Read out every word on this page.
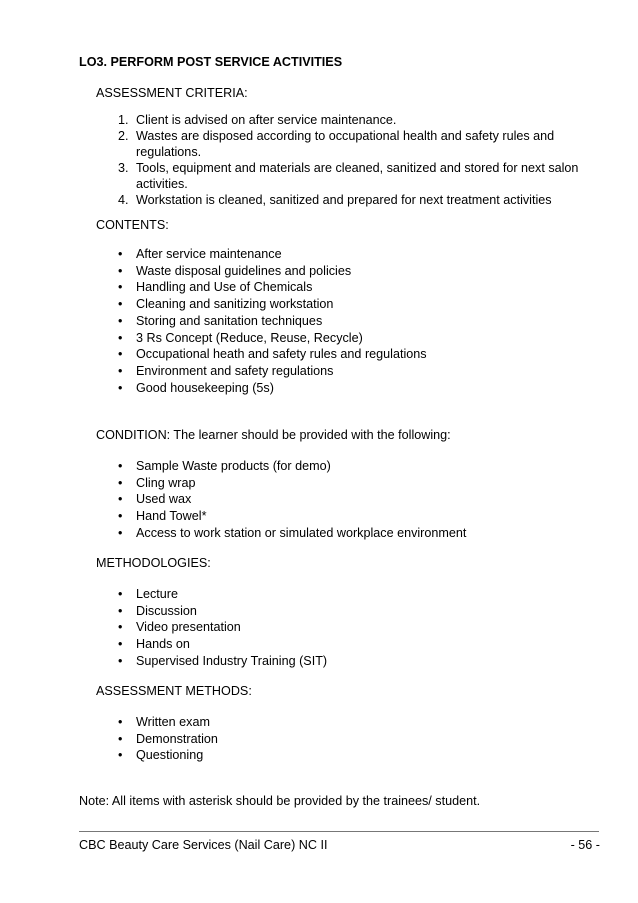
LO3. PERFORM POST SERVICE ACTIVITIES
ASSESSMENT CRITERIA:
1. Client is advised on after service maintenance.
2. Wastes are disposed according to occupational health and safety rules and regulations.
3. Tools, equipment and materials are cleaned, sanitized and stored for next salon activities.
4. Workstation is cleaned, sanitized and prepared for next treatment activities
CONTENTS:
• After service maintenance
• Waste disposal guidelines and policies
• Handling and Use of Chemicals
• Cleaning and sanitizing workstation
• Storing and sanitation techniques
• 3 Rs Concept (Reduce, Reuse, Recycle)
• Occupational heath and safety rules and regulations
• Environment and safety regulations
• Good housekeeping (5s)
CONDITION: The learner should be provided with the following:
• Sample Waste products (for demo)
• Cling wrap
• Used wax
• Hand Towel*
• Access to work station or simulated workplace environment
METHODOLOGIES:
• Lecture
• Discussion
• Video presentation
• Hands on
• Supervised Industry Training (SIT)
ASSESSMENT METHODS:
• Written exam
• Demonstration
• Questioning
Note: All items with asterisk should be provided by the trainees/ student.
CBC Beauty Care Services (Nail Care) NC II	- 56 -
